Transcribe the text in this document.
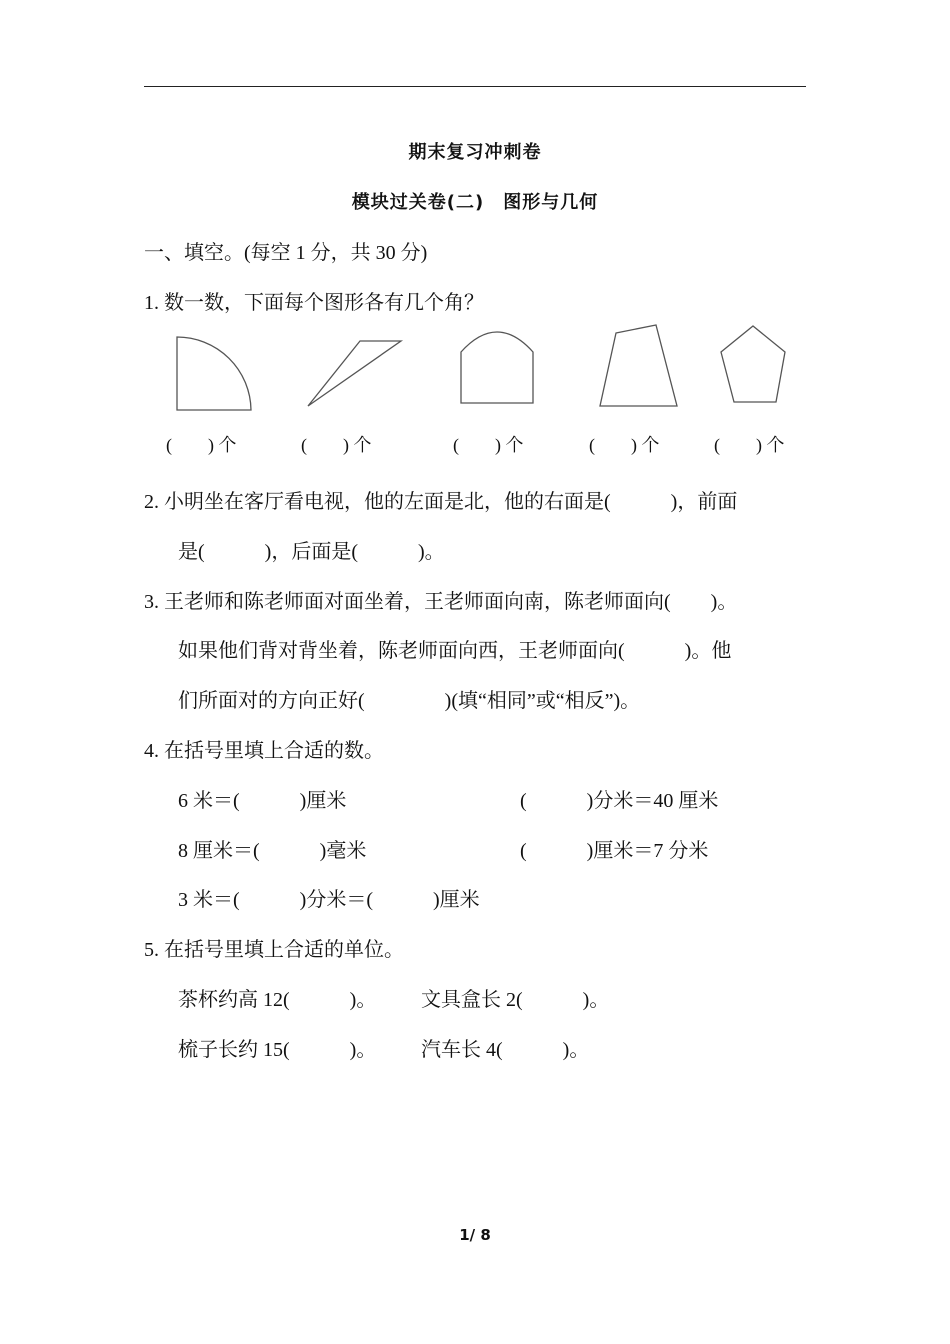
期末复习冲刺卷
模块过关卷(二)　图形与几何
一、填空。(每空 1 分，共 30 分)
1. 数一数，下面每个图形各有几个角？
(　　) 个	(　　) 个	(　　) 个	(　　) 个	(　　) 个
2. 小明坐在客厅看电视，他的左面是北，他的右面是(　　　)，前面
是(　　　)，后面是(　　　)。
3. 王老师和陈老师面对面坐着，王老师面向南，陈老师面向(　　)。
如果他们背对背坐着，陈老师面向西，王老师面向(　　　)。他
们所面对的方向正好(　　　　)(填“相同”或“相反”)。
4. 在括号里填上合适的数。
6 米＝(　　　)厘米	(　　　)分米＝40 厘米
8 厘米＝(　　　)毫米	(　　　)厘米＝7 分米
3 米＝(　　　)分米＝(　　　)厘米
5. 在括号里填上合适的单位。
茶杯约高 12(　　　)。 文具盒长 2(　　　)。
梳子长约 15(　　　)。 汽车长 4(　　　)。
1/ 8
